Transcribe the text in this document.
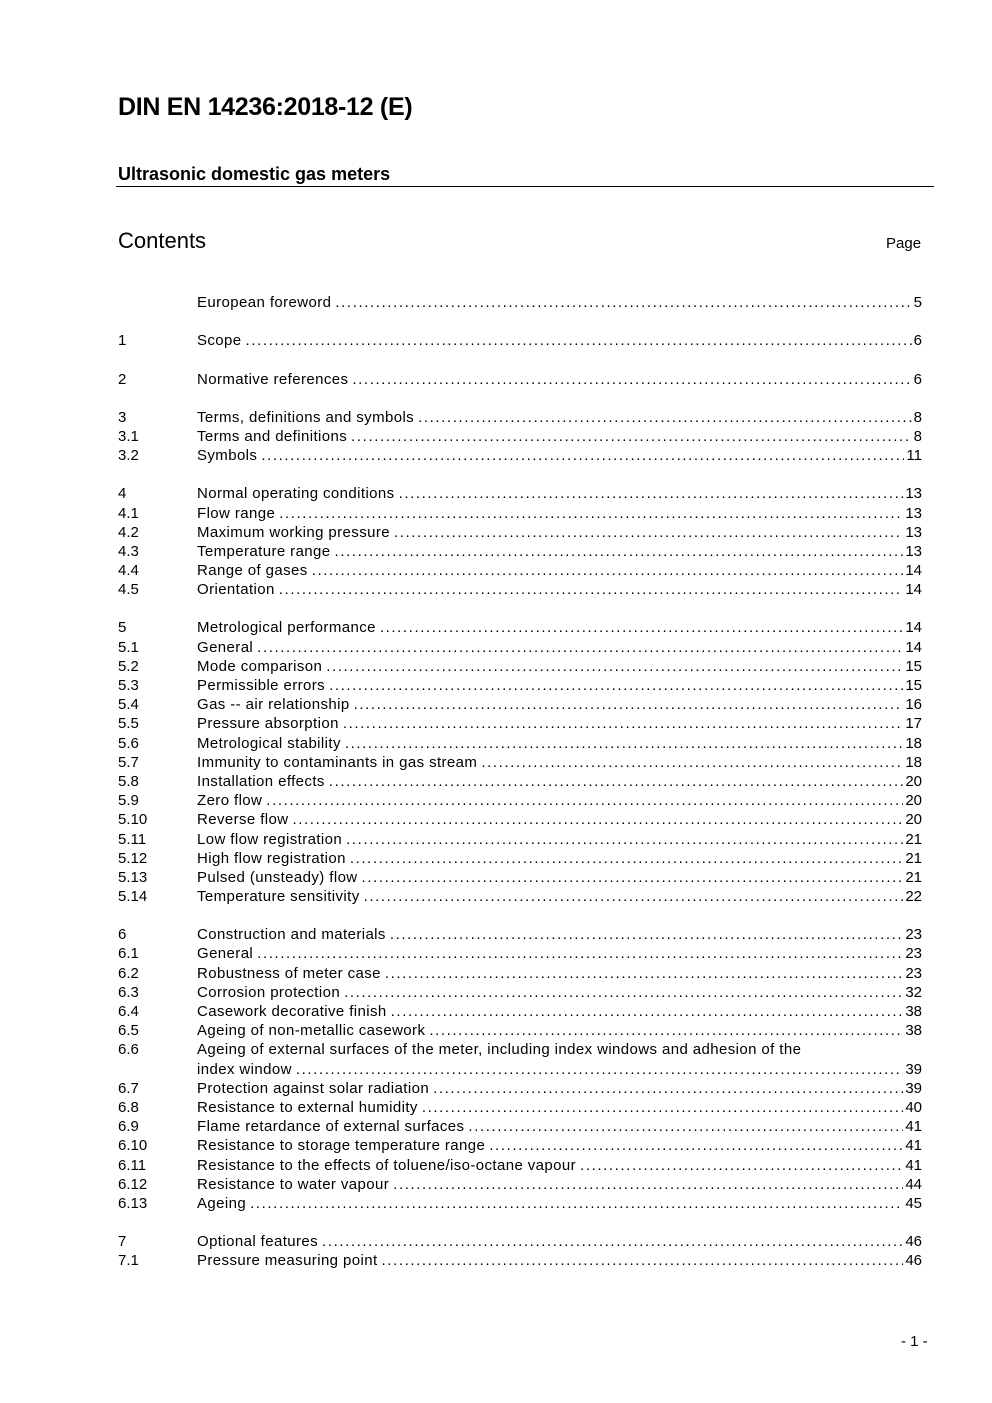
DIN EN 14236:2018-12 (E)
Ultrasonic domestic gas meters
Contents	Page
European foreword .....	5
1	Scope .....	6
2	Normative references .....	6
3	Terms, definitions and symbols .....	8
3.1	Terms and definitions .....	8
3.2	Symbols .....	11
4	Normal operating conditions .....	13
4.1	Flow range .....	13
4.2	Maximum working pressure .....	13
4.3	Temperature range .....	13
4.4	Range of gases .....	14
4.5	Orientation .....	14
5	Metrological performance .....	14
5.1	General .....	14
5.2	Mode comparison .....	15
5.3	Permissible errors .....	15
5.4	Gas -- air relationship .....	16
5.5	Pressure absorption .....	17
5.6	Metrological stability .....	18
5.7	Immunity to contaminants in gas stream .....	18
5.8	Installation effects .....	20
5.9	Zero flow .....	20
5.10	Reverse flow .....	20
5.11	Low flow registration .....	21
5.12	High flow registration .....	21
5.13	Pulsed (unsteady) flow .....	21
5.14	Temperature sensitivity .....	22
6	Construction and materials .....	23
6.1	General .....	23
6.2	Robustness of meter case .....	23
6.3	Corrosion protection .....	32
6.4	Casework decorative finish .....	38
6.5	Ageing of non-metallic casework .....	38
6.6	Ageing of external surfaces of the meter, including index windows and adhesion of the
index window .....	39
6.7	Protection against solar radiation .....	39
6.8	Resistance to external humidity .....	40
6.9	Flame retardance of external surfaces .....	41
6.10	Resistance to storage temperature range .....	41
6.11	Resistance to the effects of toluene/iso-octane vapour .....	41
6.12	Resistance to water vapour .....	44
6.13	Ageing .....	45
7	Optional features .....	46
7.1	Pressure measuring point .....	46
- 1 -
